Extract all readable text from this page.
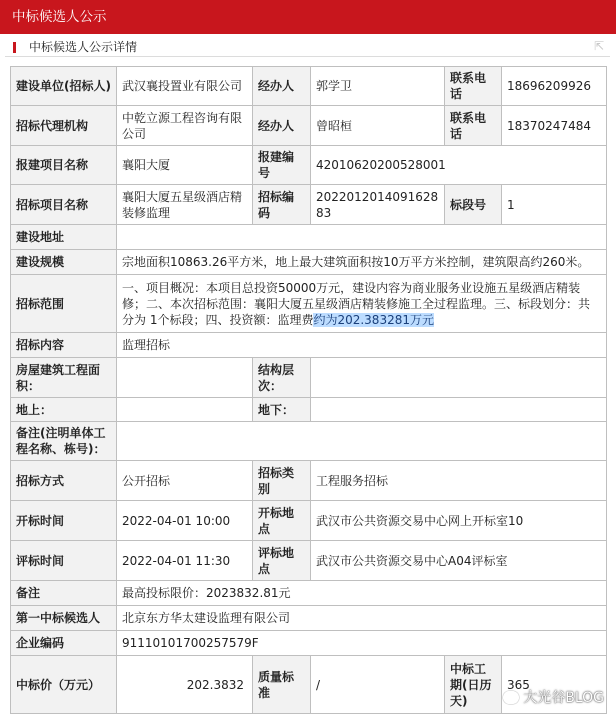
中标候选人公示
中标候选人公示详情	⇱
建设单位(招标人)	武汉襄投置业有限公司	经办人	郭学卫	联系电话	18696209926
招标代理机构	中乾立源工程咨询有限公司	经办人	曾昭桓	联系电话	18370247484
报建项目名称	襄阳大厦	报建编号	42010620200528001		
招标项目名称	襄阳大厦五星级酒店精装修监理	招标编码	202201201409162883	标段号	1
建设地址					
建设规模	宗地面积10863.26平方米，地上最大建筑面积按10万平方米控制，建筑限高约260米。				
招标范围	一、项目概况：本项目总投资50000万元，建设内容为商业服务业设施五星级酒店精装修；二、本次招标范围：襄阳大厦五星级酒店精装修施工全过程监理。三、标段划分：共分为 1个标段；四、投资额：监理费约为202.383281万元				
招标内容	监理招标				
房屋建筑工程面积：		结构层次：			
地上：		地下：			
备注(注明单体工程名称、栋号)：					
招标方式	公开招标	招标类别	工程服务招标		
开标时间	2022-04-01 10:00	开标地点	武汉市公共资源交易中心网上开标室10		
评标时间	2022-04-01 11:30	评标地点	武汉市公共资源交易中心A04评标室		
备注	最高投标限价：2023832.81元				
第一中标候选人	北京东方华太建设监理有限公司				
企业编码	91110101700257579F				
中标价（万元）	202.3832	质量标准	/	中标工期(日历天)	365
大光谷BLOG
